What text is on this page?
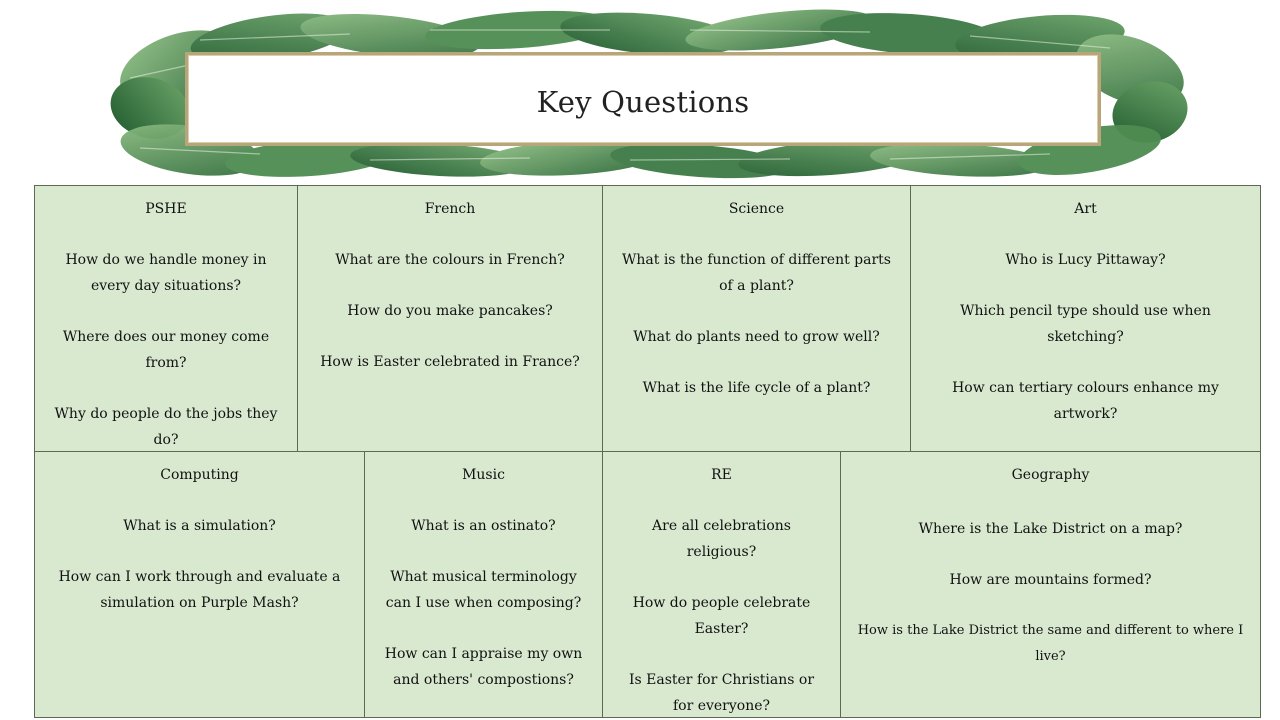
Key Questions
PSHE
How do we handle money in every day situations?
Where does our money come from?
Why do people do the jobs they do?
French
What are the colours in French?
How do you make pancakes?
How is Easter celebrated in France?
Science
What is the function of different parts of a plant?
What do plants need to grow well?
What is the life cycle of a plant?
Art
Who is Lucy Pittaway?
Which pencil type should use when sketching?
How can tertiary colours enhance my artwork?
Computing
What is a simulation?
How can I work through and evaluate a simulation on Purple Mash?
Music
What is an ostinato?
What musical terminology can I use when composing?
How can I appraise my own and others' compostions?
RE
Are all celebrations religious?
How do people celebrate Easter?
Is Easter for Christians or for everyone?
Geography
Where is the Lake District on a map?
How are mountains formed?
How is the Lake District the same and different to where I live?
